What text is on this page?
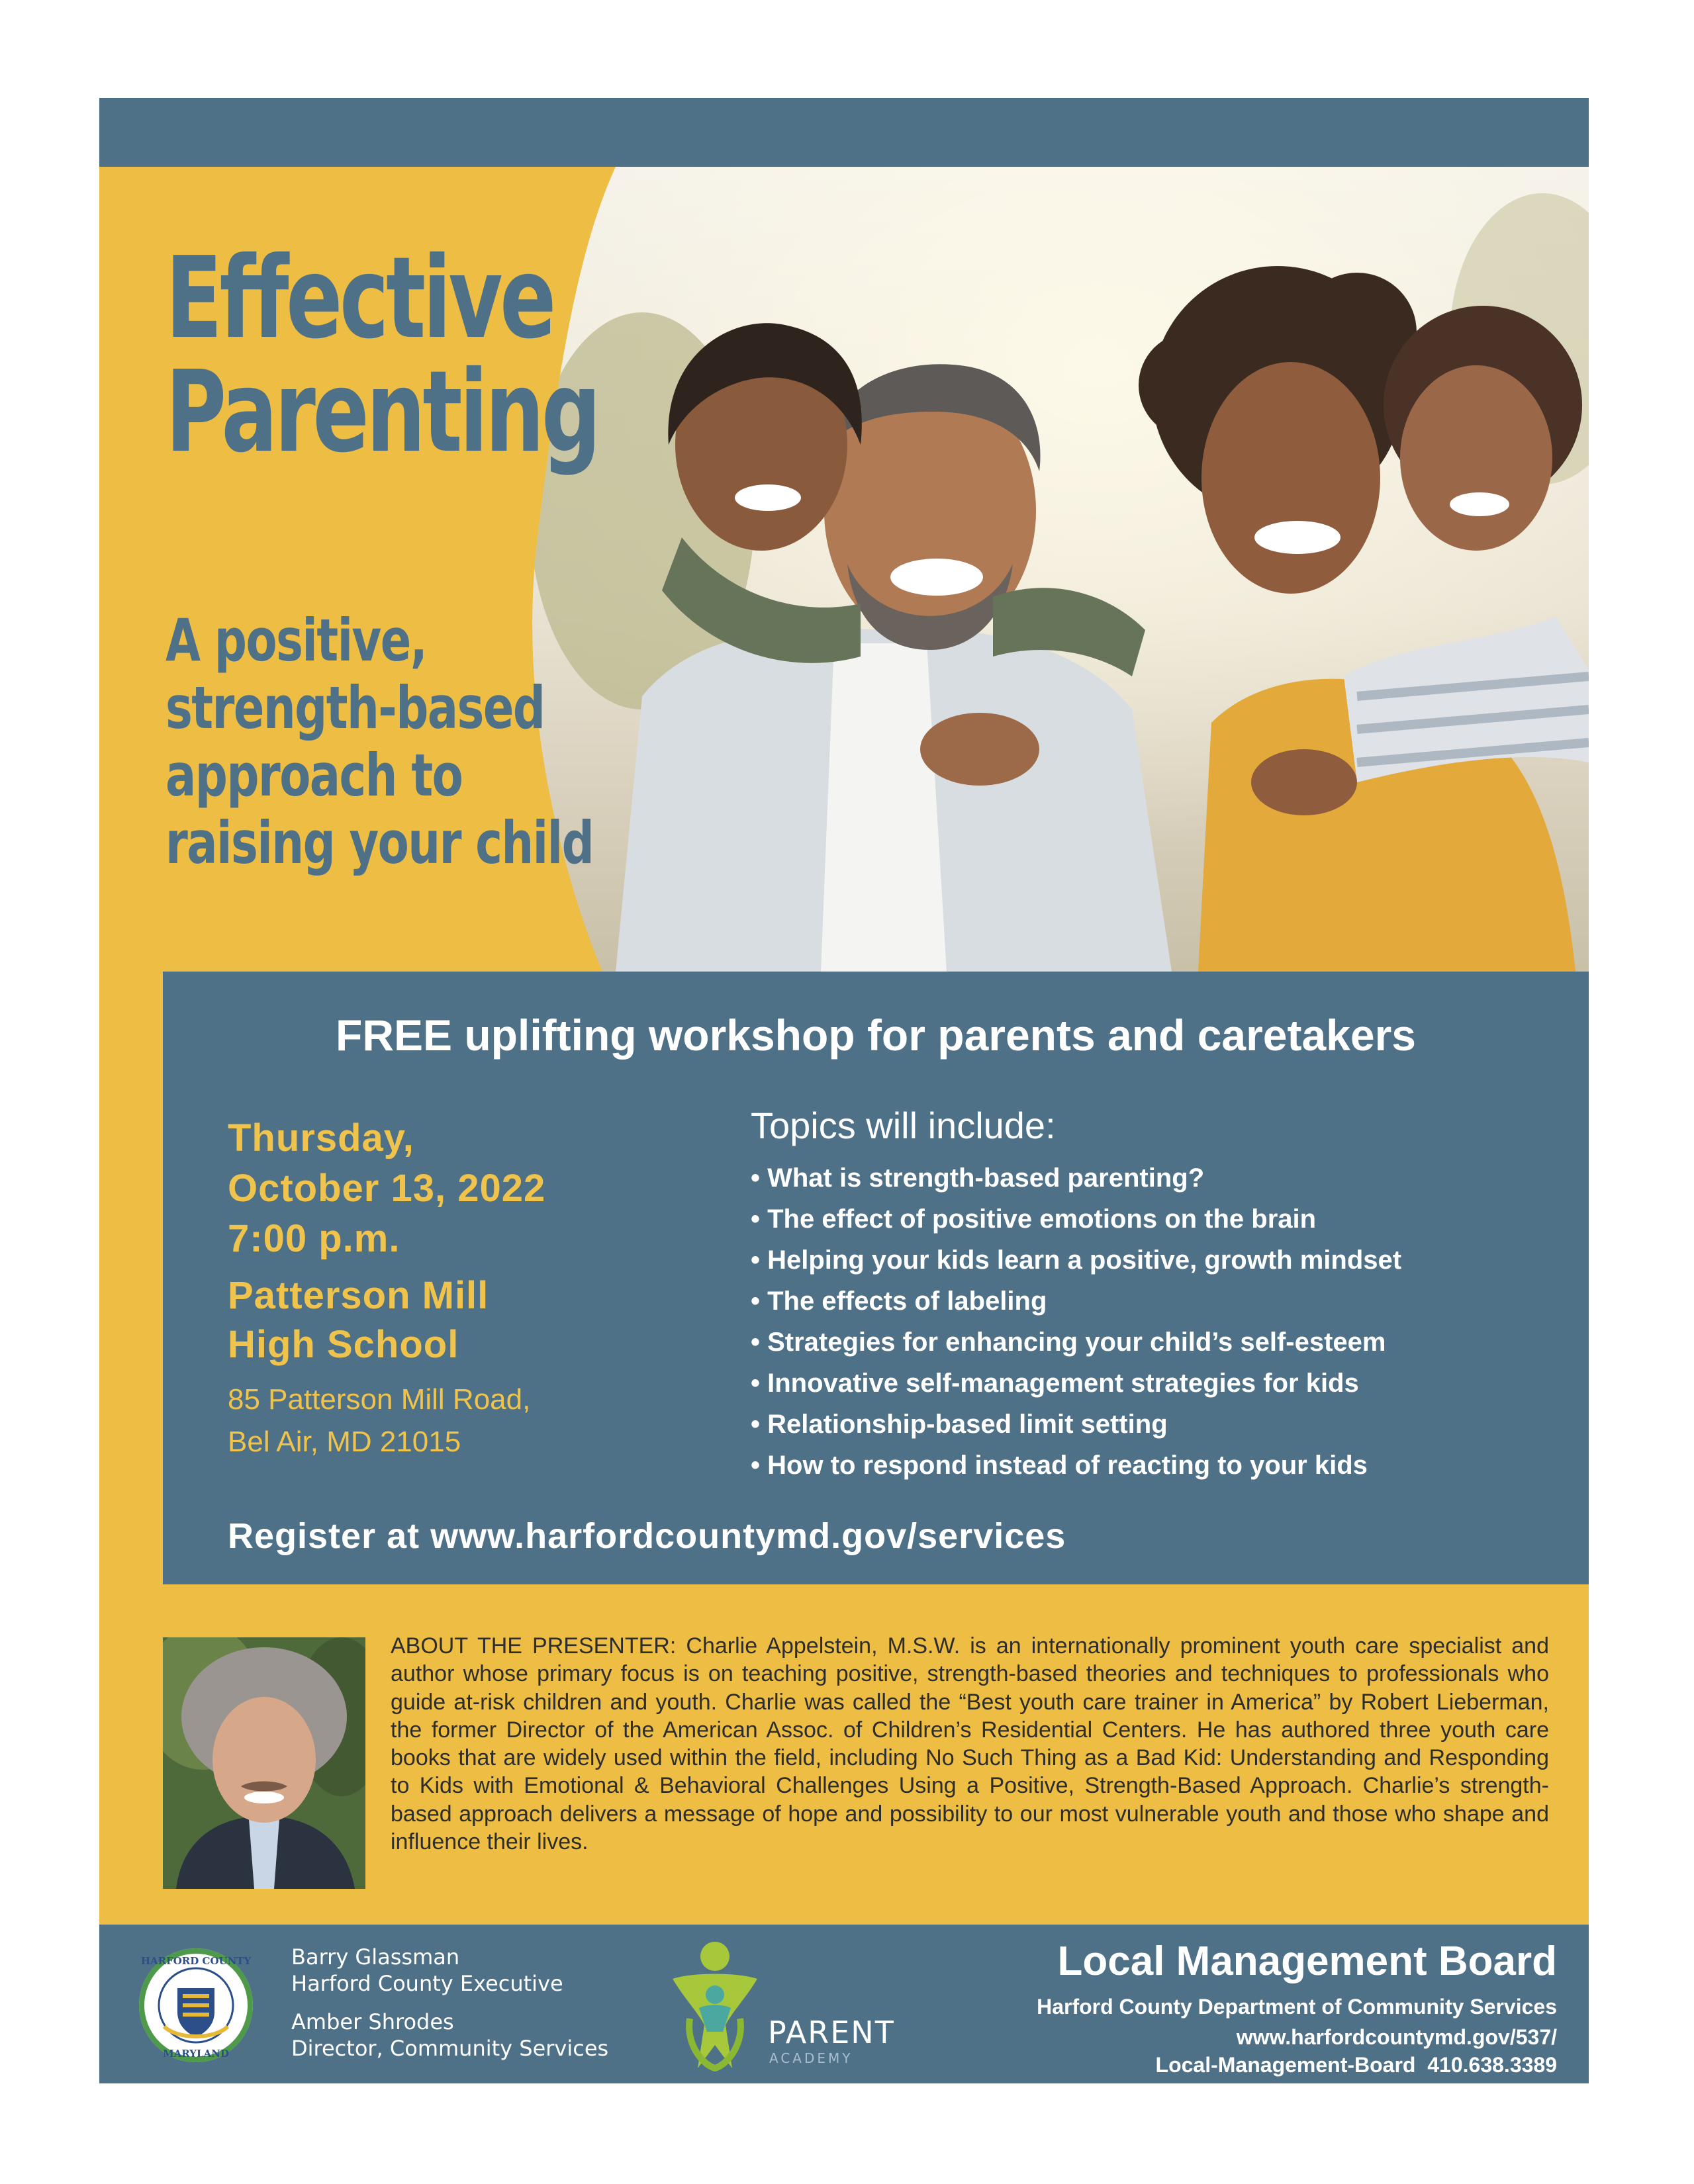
Effective
Parenting
A positive,
strength-based
approach to
raising your child
FREE uplifting workshop for parents and caretakers
Thursday,
October 13, 2022
7:00 p.m.
Patterson Mill
High School
85 Patterson Mill Road,
Bel Air, MD 21015
Topics will include:
• What is strength-based parenting?
• The effect of positive emotions on the brain
• Helping your kids learn a positive, growth mindset
• The effects of labeling
• Strategies for enhancing your child’s self-esteem
• Innovative self-management strategies for kids
• Relationship-based limit setting
• How to respond instead of reacting to your kids
Register at www.harfordcountymd.gov/services
ABOUT THE PRESENTER: Charlie Appelstein, M.S.W. is an internationally prominent youth care specialist and author whose primary focus is on teaching positive, strength-based theories and techniques to professionals who guide at-risk children and youth. Charlie was called the “Best youth care trainer in America” by Robert Lieberman, the former Director of the American Assoc. of Children’s Residential Centers. He has authored three youth care books that are widely used within the field, including No Such Thing as a Bad Kid: Understanding and Responding to Kids with Emotional & Behavioral Challenges Using a Positive, Strength-Based Approach. Charlie’s strength-based approach delivers a message of hope and possibility to our most vulnerable youth and those who shape and influence their lives.
HARFORD COUNTY
MARYLAND
Barry Glassman
Harford County Executive
Amber Shrodes
Director, Community Services	PARENT
ACADEMY
Local Management Board
Harford County Department of Community Services
www.harfordcountymd.gov/537/
Local-Management-Board  410.638.3389
